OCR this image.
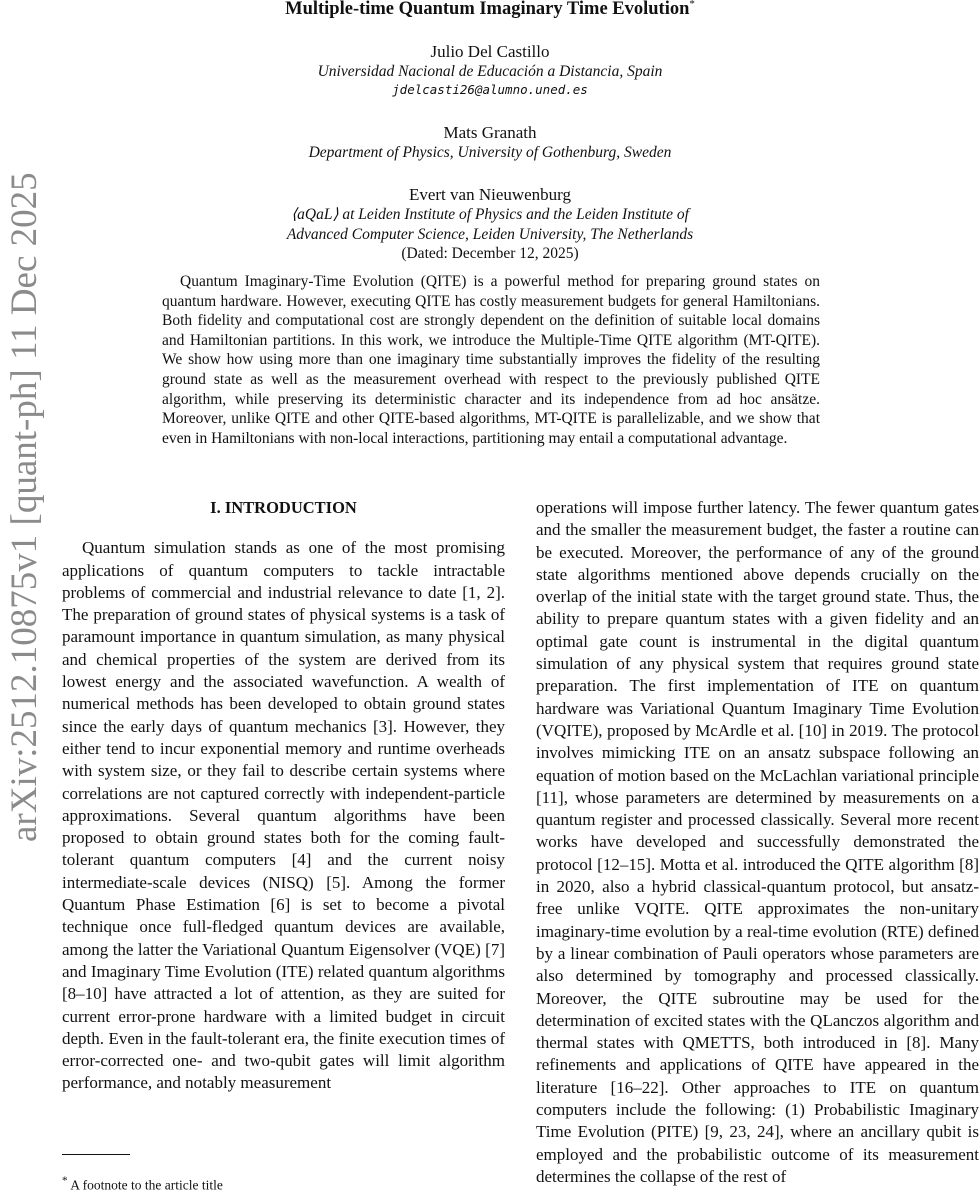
arXiv:2512.10875v1 [quant-ph] 11 Dec 2025
Multiple-time Quantum Imaginary Time Evolution*
Julio Del Castillo
Universidad Nacional de Educación a Distancia, Spain
jdelcasti26@alumno.uned.es
Mats Granath
Department of Physics, University of Gothenburg, Sweden
Evert van Nieuwenburg
⟨aQaL⟩ at Leiden Institute of Physics and the Leiden Institute of
Advanced Computer Science, Leiden University, The Netherlands
(Dated: December 12, 2025)
Quantum Imaginary-Time Evolution (QITE) is a powerful method for preparing ground states on quantum hardware. However, executing QITE has costly measurement budgets for general Hamiltonians. Both fidelity and computational cost are strongly dependent on the definition of suitable local domains and Hamiltonian partitions. In this work, we introduce the Multiple-Time QITE algorithm (MT-QITE). We show how using more than one imaginary time substantially improves the fidelity of the resulting ground state as well as the measurement overhead with respect to the previously published QITE algorithm, while preserving its deterministic character and its independence from ad hoc ansätze. Moreover, unlike QITE and other QITE-based algorithms, MT-QITE is parallelizable, and we show that even in Hamiltonians with non-local interactions, partitioning may entail a computational advantage.
I. INTRODUCTION

Quantum simulation stands as one of the most promising applications of quantum computers to tackle intractable problems of commercial and industrial relevance to date [1, 2]. The preparation of ground states of physical systems is a task of paramount importance in quantum simulation, as many physical and chemical properties of the system are derived from its lowest energy and the associated wavefunction. A wealth of numerical methods has been developed to obtain ground states since the early days of quantum mechanics [3]. However, they either tend to incur exponential memory and runtime overheads with system size, or they fail to describe certain systems where correlations are not captured correctly with independent-particle approximations. Several quantum algorithms have been proposed to obtain ground states both for the coming fault-tolerant quantum computers [4] and the current noisy intermediate-scale devices (NISQ) [5]. Among the former Quantum Phase Estimation [6] is set to become a pivotal technique once full-fledged quantum devices are available, among the latter the Variational Quantum Eigensolver (VQE) [7] and Imaginary Time Evolution (ITE) related quantum algorithms [8–10] have attracted a lot of attention, as they are suited for current error-prone hardware with a limited budget in circuit depth. Even in the fault-tolerant era, the finite execution times of error-corrected one- and two-qubit gates will limit algorithm performance, and notably measurement

operations will impose further latency. The fewer quantum gates and the smaller the measurement budget, the faster a routine can be executed. Moreover, the performance of any of the ground state algorithms mentioned above depends crucially on the overlap of the initial state with the target ground state. Thus, the ability to prepare quantum states with a given fidelity and an optimal gate count is instrumental in the digital quantum simulation of any physical system that requires ground state preparation. The first implementation of ITE on quantum hardware was Variational Quantum Imaginary Time Evolution (VQITE), proposed by McArdle et al. [10] in 2019. The protocol involves mimicking ITE on an ansatz subspace following an equation of motion based on the McLachlan variational principle [11], whose parameters are determined by measurements on a quantum register and processed classically. Several more recent works have developed and successfully demonstrated the protocol [12–15]. Motta et al. introduced the QITE algorithm [8] in 2020, also a hybrid classical-quantum protocol, but ansatz-free unlike VQITE. QITE approximates the non-unitary imaginary-time evolution by a real-time evolution (RTE) defined by a linear combination of Pauli operators whose parameters are also determined by tomography and processed classically. Moreover, the QITE subroutine may be used for the determination of excited states with the QLanczos algorithm and thermal states with QMETTS, both introduced in [8]. Many refinements and applications of QITE have appeared in the literature [16–22]. Other approaches to ITE on quantum computers include the following: (1) Probabilistic Imaginary Time Evolution (PITE) [9, 23, 24], where an ancillary qubit is employed and the probabilistic outcome of its measurement determines the collapse of the rest of

* A footnote to the article title
